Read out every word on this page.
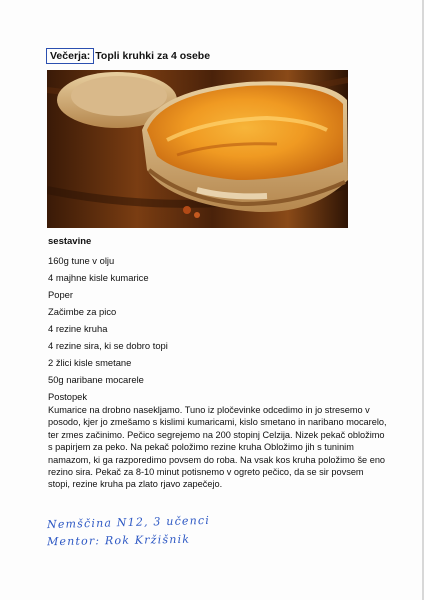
Večerja: Topli kruhki za 4 osebe
sestavine
160g tune v olju
4 majhne kisle kumarice
Poper
Začimbe za pico
4 rezine kruha
4 rezine sira, ki se dobro topi
2 žlici kisle smetane
50g naribane mocarele
Postopek

Kumarice na drobno nasekljamo. Tuno iz pločevinke odcedimo in jo stresemo v posodo, kjer jo zmešamo s kislimi kumaricami, kislo smetano in naribano mocarelo, ter zmes začinimo. Pečico segrejemo na 200 stopinj Celzija. Nizek pekač obložimo s papirjem za peko. Na pekač položimo rezine kruha Obložimo jih s tuninim namazom, ki ga razporedimo povsem do roba. Na vsak kos kruha položimo še eno rezino sira. Pekač za 8-10 minut potisnemo v ogreto pečico, da se sir povsem stopi, rezine kruha pa zlato rjavo zapečejo.

Nemščina N12, 3 učenci
Mentor: Rok Kržišnik
